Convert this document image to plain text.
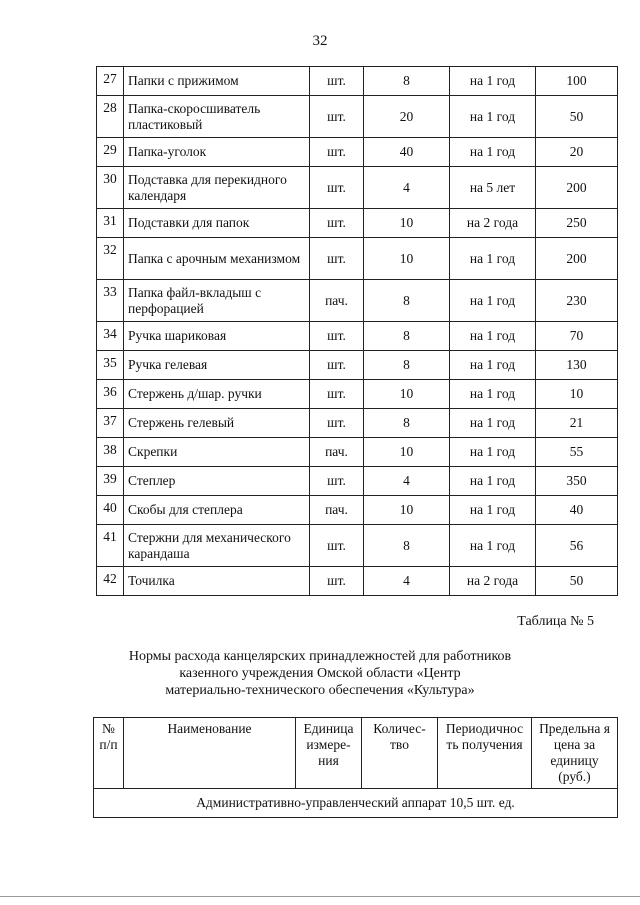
32
27	Папки с прижимом	шт.	8	на 1 год	100
28	Папка-скоросшиватель пластиковый	шт.	20	на 1 год	50
29	Папка-уголок	шт.	40	на 1 год	20
30	Подставка для перекидного календаря	шт.	4	на 5 лет	200
31	Подставки для папок	шт.	10	на 2 года	250
32	Папка с арочным механизмом	шт.	10	на 1 год	200
33	Папка файл-вкладыш с перфорацией	пач.	8	на 1 год	230
34	Ручка шариковая	шт.	8	на 1 год	70
35	Ручка гелевая	шт.	8	на 1 год	130
36	Стержень д/шар. ручки	шт.	10	на 1 год	10
37	Стержень гелевый	шт.	8	на 1 год	21
38	Скрепки	пач.	10	на 1 год	55
39	Степлер	шт.	4	на 1 год	350
40	Скобы для степлера	пач.	10	на 1 год	40
41	Стержни для механического карандаша	шт.	8	на 1 год	56
42	Точилка	шт.	4	на 2 года	50
Таблица № 5
Нормы расхода канцелярских принадлежностей для работников
казенного учреждения Омской области «Центр
материально-технического обеспечения «Культура»
№ п/п	Наименование	Единица измере-ния	Количес-тво	Периодичнос ть получения	Предельна я цена за единицу (руб.)
Административно-управленческий аппарат 10,5 шт. ед.
